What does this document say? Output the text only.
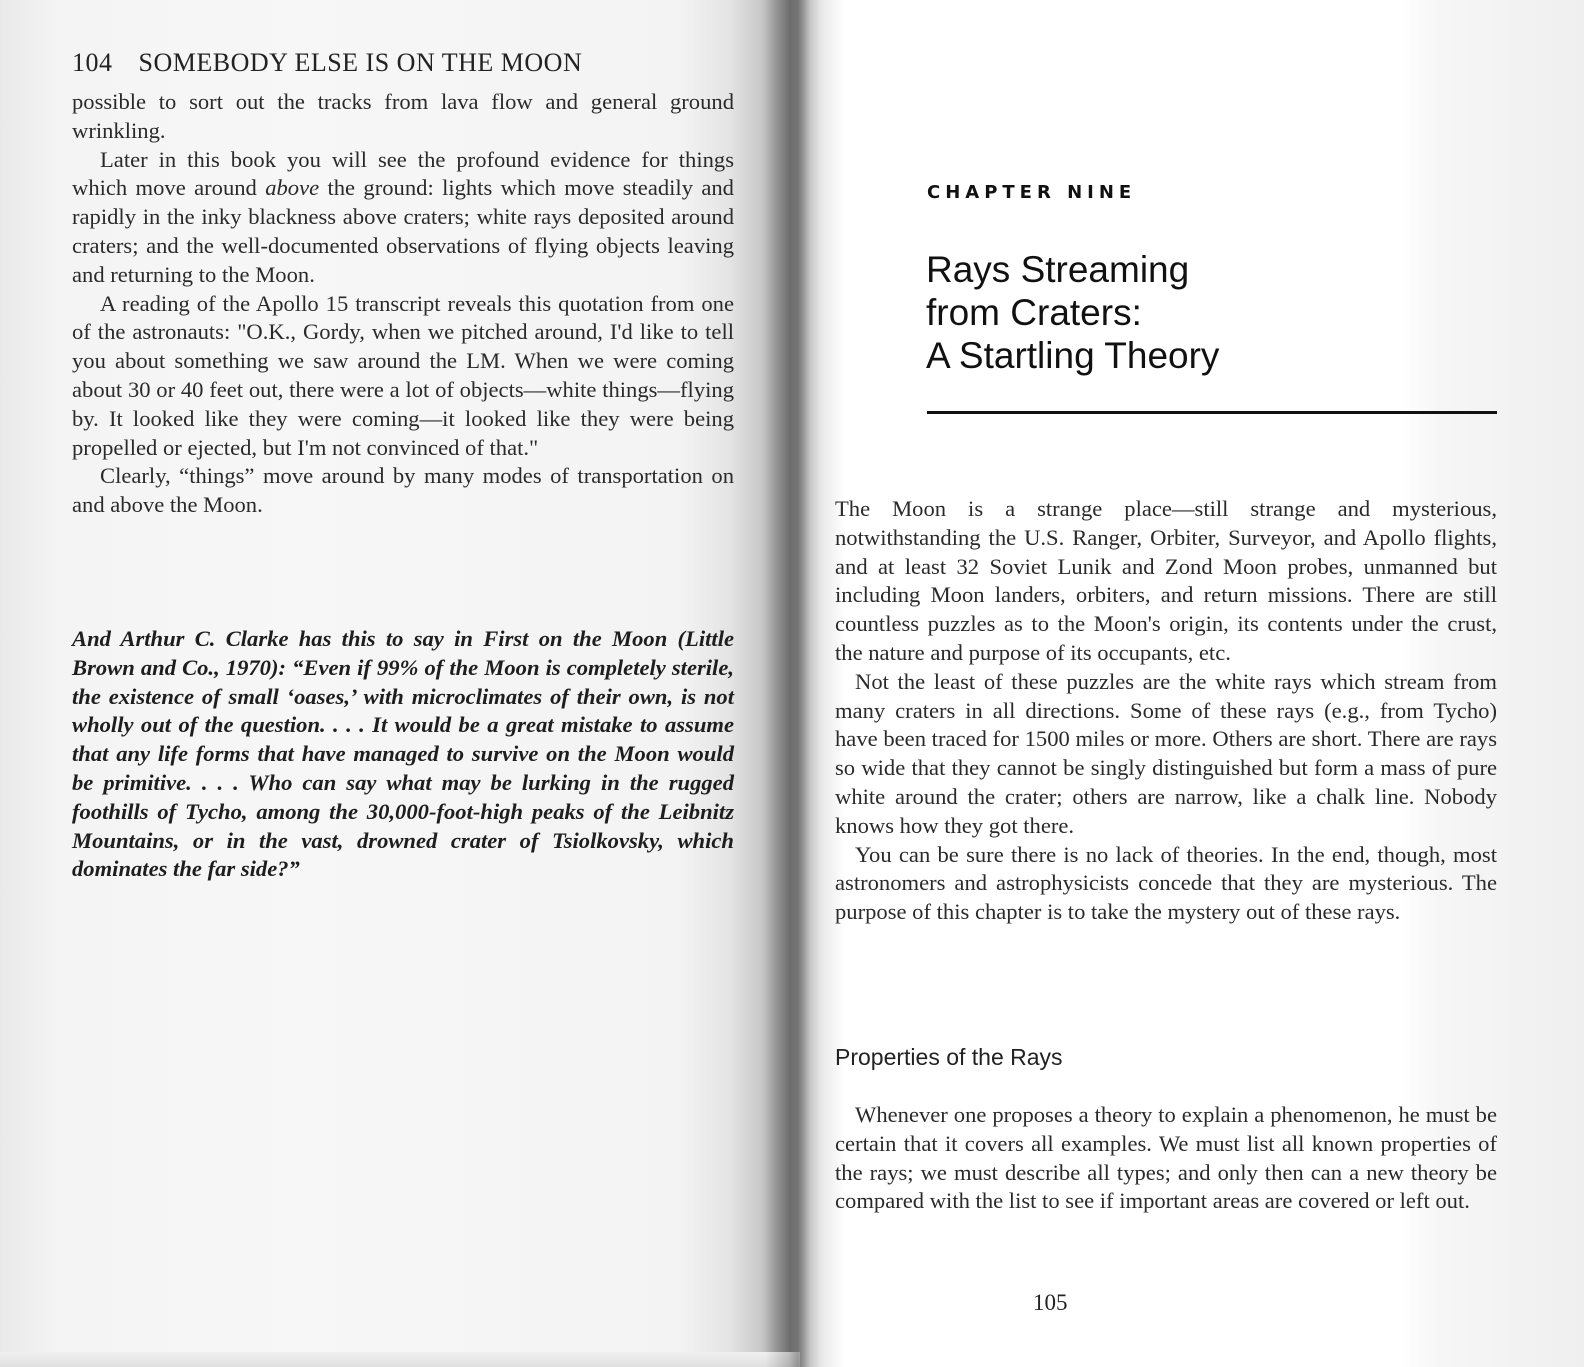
104 SOMEBODY ELSE IS ON THE MOON

possible to sort out the tracks from lava flow and general ground wrinkling.

Later in this book you will see the profound evidence for things which move around above the ground: lights which move steadily and rapidly in the inky blackness above craters; white rays deposited around craters; and the well-documented observations of flying objects leaving and returning to the Moon.

A reading of the Apollo 15 transcript reveals this quotation from one of the astronauts: "O.K., Gordy, when we pitched around, I'd like to tell you about something we saw around the LM. When we were coming about 30 or 40 feet out, there were a lot of objects—white things—flying by. It looked like they were coming—it looked like they were being propelled or ejected, but I'm not convinced of that."

Clearly, “things” move around by many modes of transportation on and above the Moon.

And Arthur C. Clarke has this to say in First on the Moon (Little Brown and Co., 1970): “Even if 99% of the Moon is completely sterile, the existence of small ‘oases,’ with microclimates of their own, is not wholly out of the question. . . . It would be a great mistake to assume that any life forms that have managed to survive on the Moon would be primitive. . . . Who can say what may be lurking in the rugged foothills of Tycho, among the 30,000-foot-high peaks of the Leibnitz Mountains, or in the vast, drowned crater of Tsiolkovsky, which dominates the far side?”

CHAPTER NINE
Rays Streaming
from Craters:
A Startling Theory

The Moon is a strange place—still strange and mysterious, notwithstanding the U.S. Ranger, Orbiter, Surveyor, and Apollo flights, and at least 32 Soviet Lunik and Zond Moon probes, unmanned but including Moon landers, orbiters, and return missions. There are still countless puzzles as to the Moon's origin, its contents under the crust, the nature and purpose of its occupants, etc.

Not the least of these puzzles are the white rays which stream from many craters in all directions. Some of these rays (e.g., from Tycho) have been traced for 1500 miles or more. Others are short. There are rays so wide that they cannot be singly distinguished but form a mass of pure white around the crater; others are narrow, like a chalk line. Nobody knows how they got there.

You can be sure there is no lack of theories. In the end, though, most astronomers and astrophysicists concede that they are mysterious. The purpose of this chapter is to take the mystery out of these rays.

Properties of the Rays

Whenever one proposes a theory to explain a phenomenon, he must be certain that it covers all examples. We must list all known properties of the rays; we must describe all types; and only then can a new theory be compared with the list to see if important areas are covered or left out.

105
